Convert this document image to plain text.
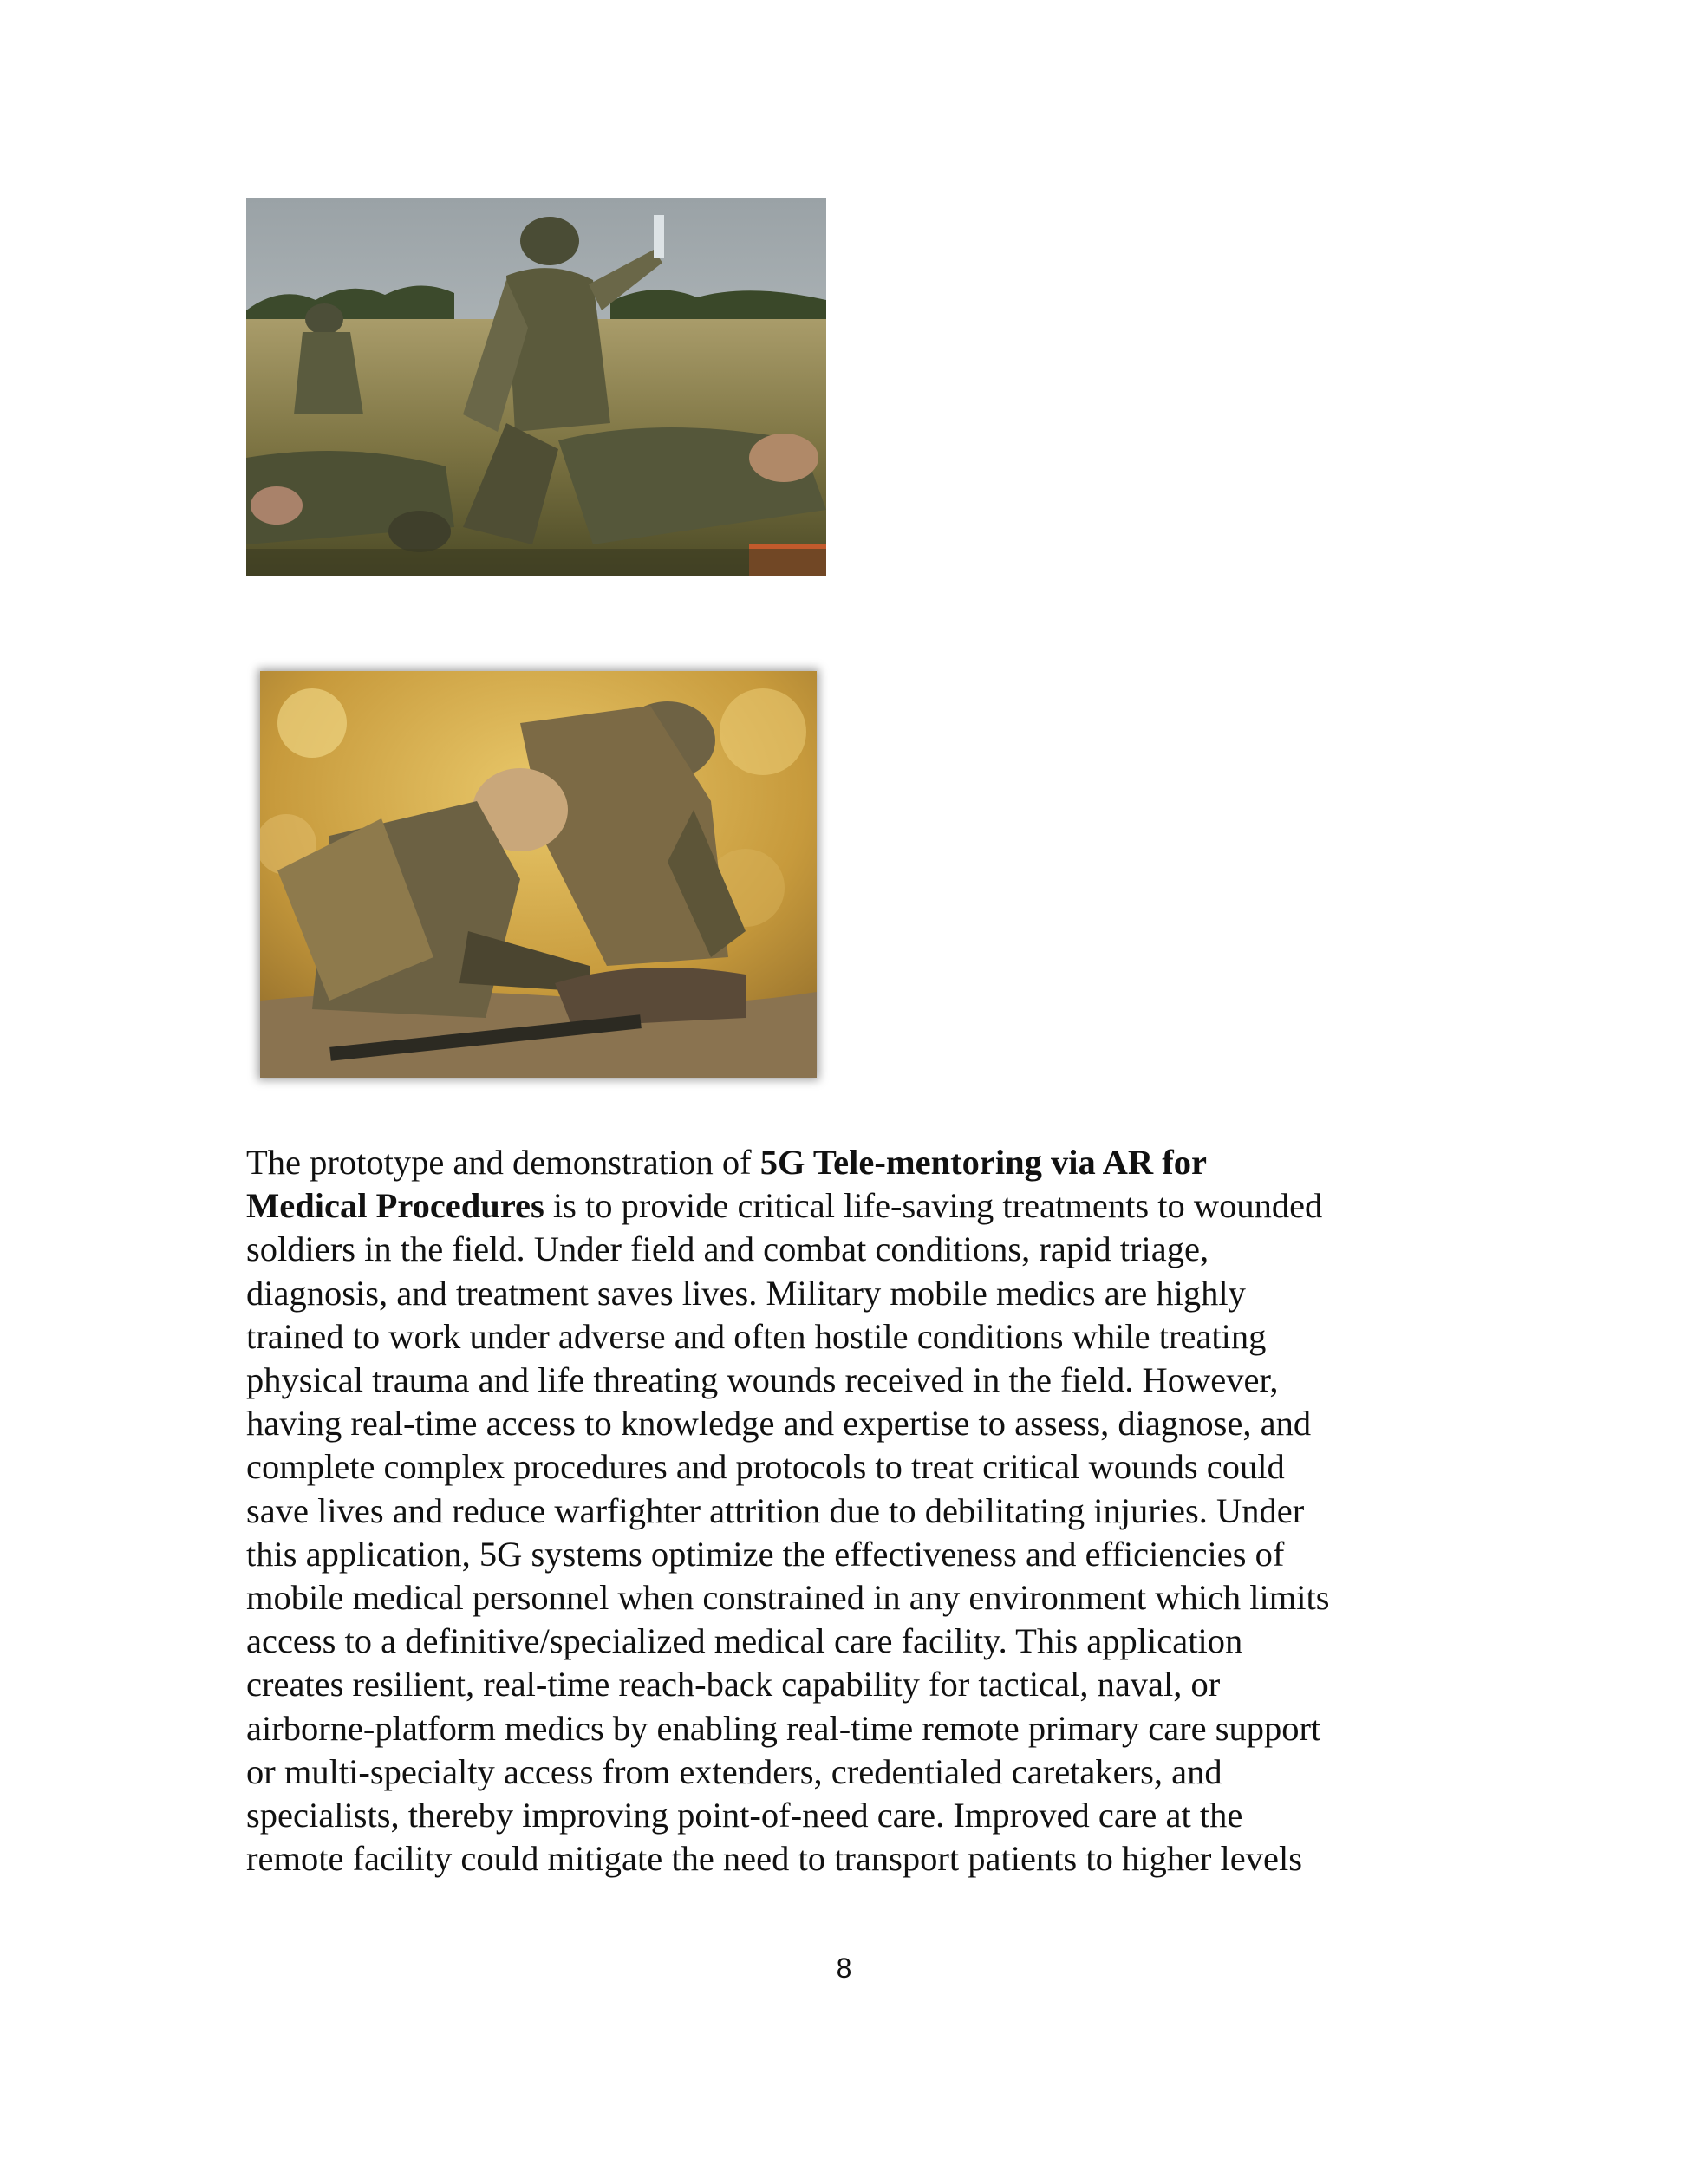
The prototype and demonstration of 5G Tele-mentoring via AR for
Medical Procedures is to provide critical life-saving treatments to wounded
soldiers in the field. Under field and combat conditions, rapid triage,
diagnosis, and treatment saves lives. Military mobile medics are highly
trained to work under adverse and often hostile conditions while treating
physical trauma and life threating wounds received in the field. However,
having real-time access to knowledge and expertise to assess, diagnose, and
complete complex procedures and protocols to treat critical wounds could
save lives and reduce warfighter attrition due to debilitating injuries. Under
this application, 5G systems optimize the effectiveness and efficiencies of
mobile medical personnel when constrained in any environment which limits
access to a definitive/specialized medical care facility. This application
creates resilient, real-time reach-back capability for tactical, naval, or
airborne-platform medics by enabling real-time remote primary care support
or multi-specialty access from extenders, credentialed caretakers, and
specialists, thereby improving point-of-need care. Improved care at the
remote facility could mitigate the need to transport patients to higher levels

8
